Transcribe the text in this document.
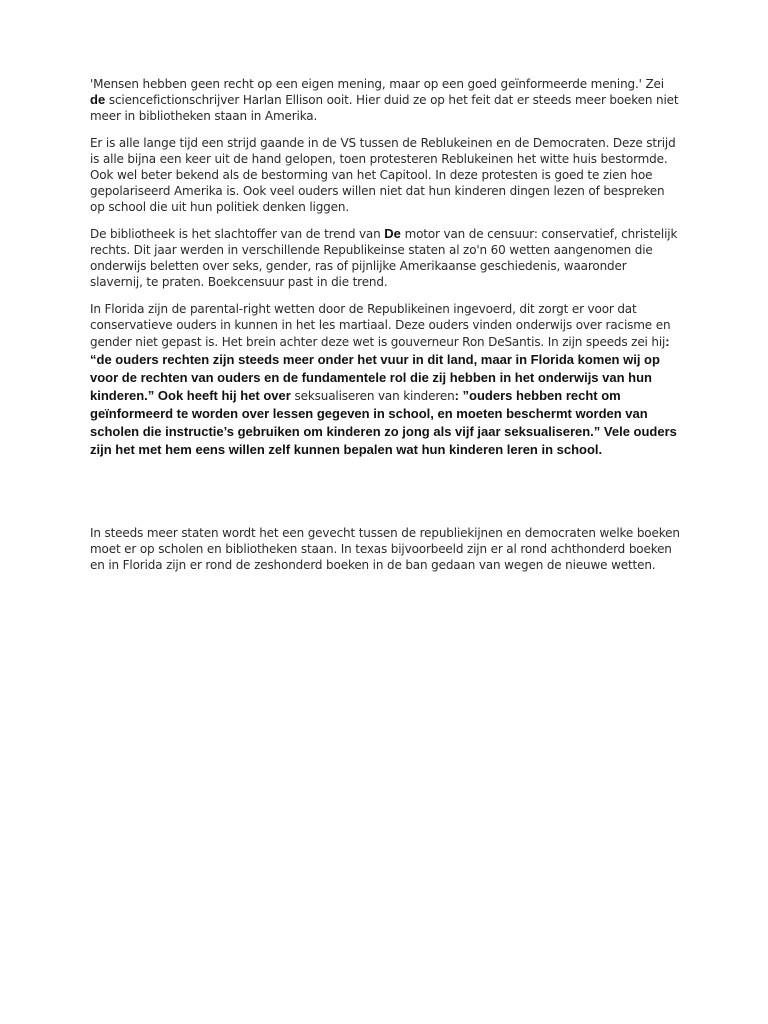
'Mensen hebben geen recht op een eigen mening, maar op een goed geïnformeerde mening.' Zei de sciencefictionschrijver Harlan Ellison ooit. Hier duid ze op het feit dat er steeds meer boeken niet meer in bibliotheken staan in Amerika.

Er is alle lange tijd een strijd gaande in de VS tussen de Reblukeinen en de Democraten. Deze strijd is alle bijna een keer uit de hand gelopen, toen protesteren Reblukeinen het witte huis bestormde. Ook wel beter bekend als de bestorming van het Capitool. In deze protesten is goed te zien hoe gepolariseerd Amerika is. Ook veel ouders willen niet dat hun kinderen dingen lezen of bespreken op school die uit hun politiek denken liggen.

De bibliotheek is het slachtoffer van de trend van De motor van de censuur: conservatief, christelijk rechts. Dit jaar werden in verschillende Republikeinse staten al zo'n 60 wetten aangenomen die onderwijs beletten over seks, gender, ras of pijnlijke Amerikaanse geschiedenis, waaronder slavernij, te praten. Boekcensuur past in die trend.

In Florida zijn de parental-right wetten door de Republikeinen ingevoerd, dit zorgt er voor dat conservatieve ouders in kunnen in het les martiaal. Deze ouders vinden onderwijs over racisme en gender niet gepast is. Het brein achter deze wet is gouverneur Ron DeSantis. In zijn speeds zei hij: “de ouders rechten zijn steeds meer onder het vuur in dit land, maar in Florida komen wij op voor de rechten van ouders en de fundamentele rol die zij hebben in het onderwijs van hun kinderen.” Ook heeft hij het over seksualiseren van kinderen: ”ouders hebben recht om geïnformeerd te worden over lessen gegeven in school, en moeten beschermt worden van scholen die instructie’s gebruiken om kinderen zo jong als vijf jaar seksualiseren.” Vele ouders zijn het met hem eens willen zelf kunnen bepalen wat hun kinderen leren in school.

In steeds meer staten wordt het een gevecht tussen de republiekijnen en democraten welke boeken moet er op scholen en bibliotheken staan. In texas bijvoorbeeld zijn er al rond achthonderd boeken en in Florida zijn er rond de zeshonderd boeken in de ban gedaan van wegen de nieuwe wetten.
